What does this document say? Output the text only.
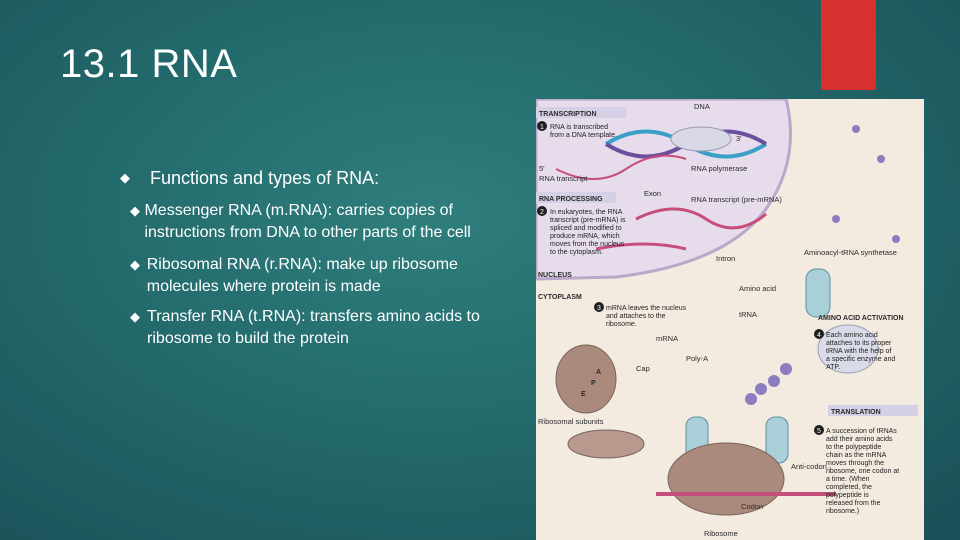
13.1 RNA
◆	Functions and types of RNA:
◆ Messenger RNA (m.RNA): carries copies of instructions from DNA to other parts of the cell
◆ Ribosomal RNA (r.RNA): make up ribosome molecules where protein is made
◆ Transfer RNA (t.RNA): transfers amino acids to ribosome to build the protein
TRANSCRIPTION
RNA PROCESSING
TRANSLATION
1
2
3
4
5
DNA
3'
5'
RNA transcript
RNA polymerase
Exon
RNA transcript (pre-mRNA)
Intron
Aminoacyl-tRNA synthetase
NUCLEUS
CYTOPLASM
Amino acid
tRNA	AMINO ACID ACTIVATION
mRNA
Cap
Poly-A
Ribosomal subunits
A
P
E
Anti-codon
Codon
Ribosome
RNA is transcribed from a DNA template.
In eukaryotes, the RNA transcript (pre-mRNA) is spliced and modified to produce mRNA, which moves from the nucleus to the cytoplasm.
mRNA leaves the nucleus and attaches to the ribosome.
Each amino acid attaches to its proper tRNA with the help of a specific enzyme and ATP.
A succession of tRNAs add their amino acids to the polypeptide chain as the mRNA moves through the ribosome, one codon at a time. (When completed, the polypeptide is released from the ribosome.)
